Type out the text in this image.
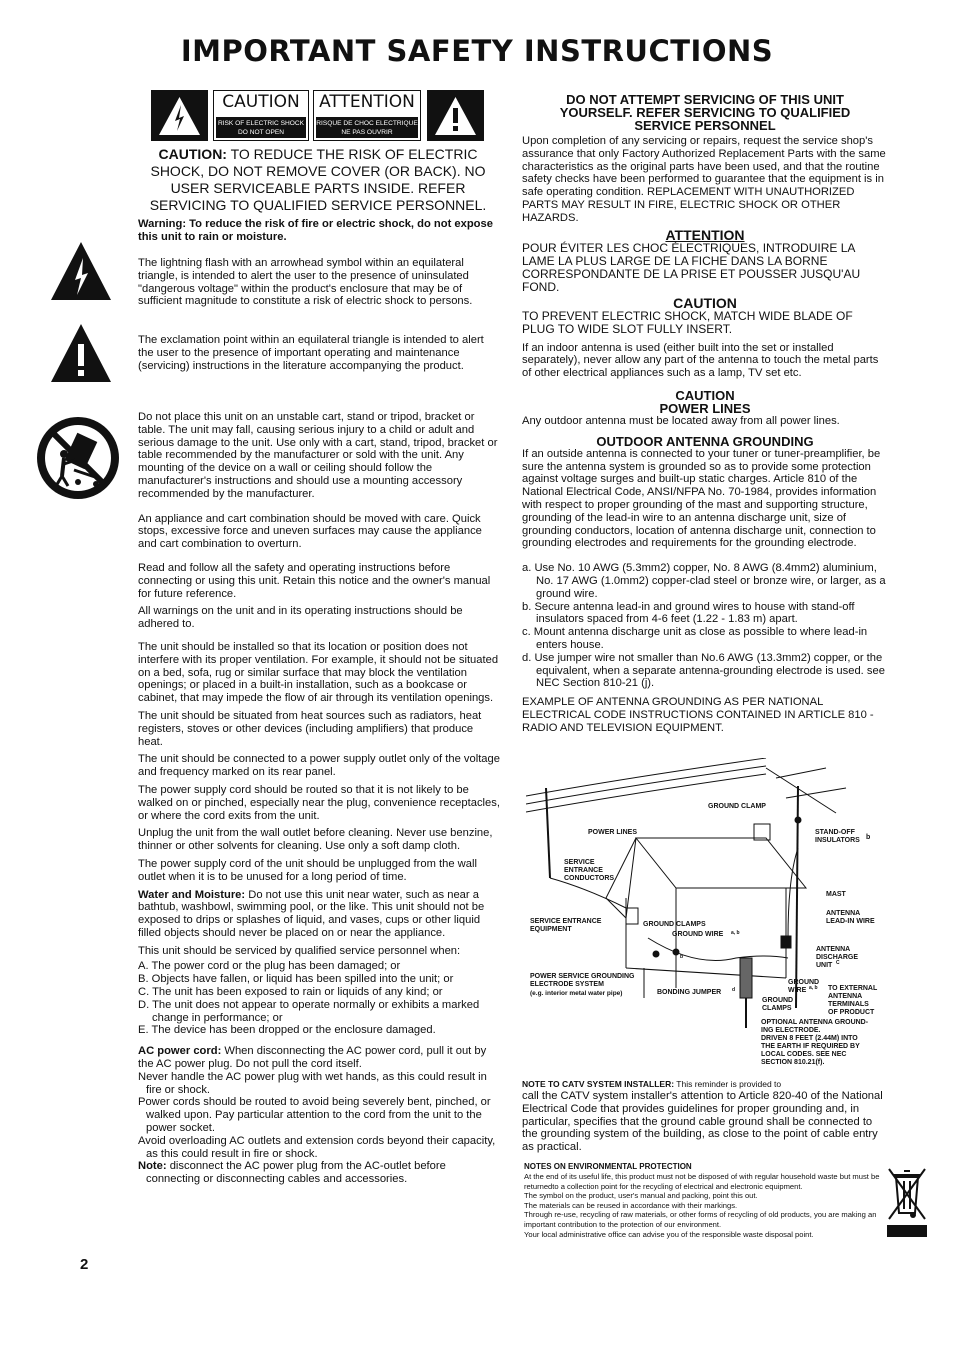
IMPORTANT SAFETY INSTRUCTIONS
CAUTION
RISK OF ELECTRIC SHOCK DO NOT OPEN
ATTENTION
RISQUE DE CHOC ELECTRIQUE NE PAS OUVRIR
CAUTION: TO REDUCE THE RISK OF ELECTRIC SHOCK, DO NOT REMOVE COVER (OR BACK). NO USER SERVICEABLE PARTS INSIDE. REFER SERVICING TO QUALIFIED SERVICE PERSONNEL.

Warning: To reduce the risk of fire or electric shock, do not expose this unit to rain or moisture.

The lightning flash with an arrowhead symbol within an equilateral triangle, is intended to alert the user to the presence of uninsulated "dangerous voltage" within the product's enclosure that may be of sufficient magnitude to constitute a risk of electric shock to persons.

The exclamation point within an equilateral triangle is intended to alert the user to the presence of important operating and maintenance (servicing) instructions in the literature accompanying the product.

Do not place this unit on an unstable cart, stand or tripod, bracket or table. The unit may fall, causing serious injury to a child or adult and serious damage to the unit. Use only with a cart, stand, tripod, bracket or table recommended by the manufacturer or sold with the unit. Any mounting of the device on a wall or ceiling should follow the manufacturer's instructions and should use a mounting accessory recommended by the manufacturer.

An appliance and cart combination should be moved with care. Quick stops, excessive force and uneven surfaces may cause the appliance and cart combination to overturn.

Read and follow all the safety and operating instructions before connecting or using this unit. Retain this notice and the owner's manual for future reference.

All warnings on the unit and in its operating instructions should be adhered to.

The unit should be installed so that its location or position does not interfere with its proper ventilation. For example, it should not be situated on a bed, sofa, rug or similar surface that may block the ventilation openings; or placed in a built-in installation, such as a bookcase or cabinet, that may impede the flow of air through its ventilation openings.

The unit should be situated from heat sources such as radiators, heat registers, stoves or other devices (including amplifiers) that produce heat.

The unit should be connected to a power supply outlet only of the voltage and frequency marked on its rear panel.

The power supply cord should be routed so that it is not likely to be walked on or pinched, especially near the plug, convenience receptacles, or where the cord exits from the unit.

Unplug the unit from the wall outlet before cleaning. Never use benzine, thinner or other solvents for cleaning. Use only a soft damp cloth.

The power supply cord of the unit should be unplugged from the wall outlet when it is to be unused for a long period of time.

Water and Moisture: Do not use this unit near water, such as near a bathtub, washbowl, swimming pool, or the like. This unit should not be exposed to drips or splashes of liquid, and vases, cups or other liquid filled objects should never be placed on or near the appliance.

This unit should be serviced by qualified service personnel when:

A. The power cord or the plug has been damaged; or

B. Objects have fallen, or liquid has been spilled into the unit; or

C. The unit has been exposed to rain or liquids of any kind; or

D. The unit does not appear to operate normally or exhibits a marked change in performance; or

E. The device has been dropped or the enclosure damaged.

AC power cord: When disconnecting the AC power cord, pull it out by the AC power plug. Do not pull the cord itself.

Never handle the AC power plug with wet hands, as this could result in fire or shock.

Power cords should be routed to avoid being severely bent, pinched, or walked upon. Pay particular attention to the cord from the unit to the power socket.

Avoid overloading AC outlets and extension cords beyond their capacity, as this could result in fire or shock.

Note: disconnect the AC power plug from the AC-outlet before connecting or disconnecting cables and accessories.

2
DO NOT ATTEMPT SERVICING OF THIS UNIT YOURSELF. REFER SERVICING TO QUALIFIED SERVICE PERSONNEL

Upon completion of any servicing or repairs, request the service shop's assurance that only Factory Authorized Replacement Parts with the same characteristics as the original parts have been used, and that the routine safety checks have been performed to guarantee that the equipment is in safe operating condition. REPLACEMENT WITH UNAUTHORIZED PARTS MAY RESULT IN FIRE, ELECTRIC SHOCK OR OTHER HAZARDS.

ATTENTION

POUR ÉVITER LES CHOC ÉLECTRIQUES, INTRODUIRE LA LAME LA PLUS LARGE DE LA FICHE DANS LA BORNE CORRESPONDANTE DE LA PRISE ET POUSSER JUSQU'AU FOND.

CAUTION

TO PREVENT ELECTRIC SHOCK, MATCH WIDE BLADE OF PLUG TO WIDE SLOT FULLY INSERT.

If an indoor antenna is used (either built into the set or installed separately), never allow any part of the antenna to touch the metal parts of other electrical appliances such as a lamp, TV set etc.

CAUTION
POWER LINES

Any outdoor antenna must be located away from all power lines.

OUTDOOR ANTENNA GROUNDING

If an outside antenna is connected to your tuner or tuner-preamplifier, be sure the antenna system is grounded so as to provide some protection against voltage surges and built-up static charges. Article 810 of the National Electrical Code, ANSI/NFPA No. 70-1984, provides information with respect to proper grounding of the mast and supporting structure, grounding of the lead-in wire to an antenna discharge unit, size of grounding conductors, location of antenna discharge unit, connection to grounding electrodes and requirements for the grounding electrode.

a. Use No. 10 AWG (5.3mm2) copper, No. 8 AWG (8.4mm2) aluminium, No. 17 AWG (1.0mm2) copper-clad steel or bronze wire, or larger, as a ground wire.

b. Secure antenna lead-in and ground wires to house with stand-off insulators spaced from 4-6 feet (1.22 - 1.83 m) apart.

c. Mount antenna discharge unit as close as possible to where lead-in enters house.

d. Use jumper wire not smaller than No.6 AWG (13.3mm2) copper, or the equivalent, when a separate antenna-grounding electrode is used. see NEC Section 810-21 (j).

EXAMPLE OF ANTENNA GROUNDING AS PER NATIONAL ELECTRICAL CODE INSTRUCTIONS CONTAINED IN ARTICLE 810 - RADIO AND TELEVISION EQUIPMENT.

GROUND CLAMP
POWER LINES	STAND-OFF
INSULATORS b
SERVICE
ENTRANCE
CONDUCTORS
MAST
ANTENNA
LEAD-IN WIRE
SERVICE ENTRANCE
EQUIPMENT
GROUND CLAMPS
GROUND WIRE a, b
ANTENNA
DISCHARGE
UNIT C
b
POWER SERVICE GROUNDING
ELECTRODE SYSTEM
(e.g. interior metal water pipe)	BONDING JUMPER d
GROUND
WIRE a, b
GROUND
CLAMPS
TO EXTERNAL
ANTENNA
TERMINALS
OF PRODUCT
OPTIONAL ANTENNA GROUND-
ING ELECTRODE.
DRIVEN 8 FEET (2.44M) INTO
THE EARTH IF REQUIRED BY
LOCAL CODES. SEE NEC
SECTION 810.21(f).

NOTE TO CATV SYSTEM INSTALLER: This reminder is provided to

call the CATV system installer's attention to Article 820-40 of the National Electrical Code that provides guidelines for proper grounding and, in particular, specifies that the ground cable ground shall be connected to the grounding system of the building, as close to the point of cable entry as practical.

NOTES ON ENVIRONMENTAL PROTECTION
At the end of its useful life, this product must not be disposed of with regular household waste but must be returnedto a collection point for the recycling of electrical and electronic equipment.
The symbol on the product, user's manual and packing, point this out.
The materials can be reused in accordance with their markings.
Through re-use, recycling of raw materials, or other forms of recycling of old products, you are making an important contribution to the protection of our environment.
Your local administrative office can advise you of the responsible waste disposal point.
